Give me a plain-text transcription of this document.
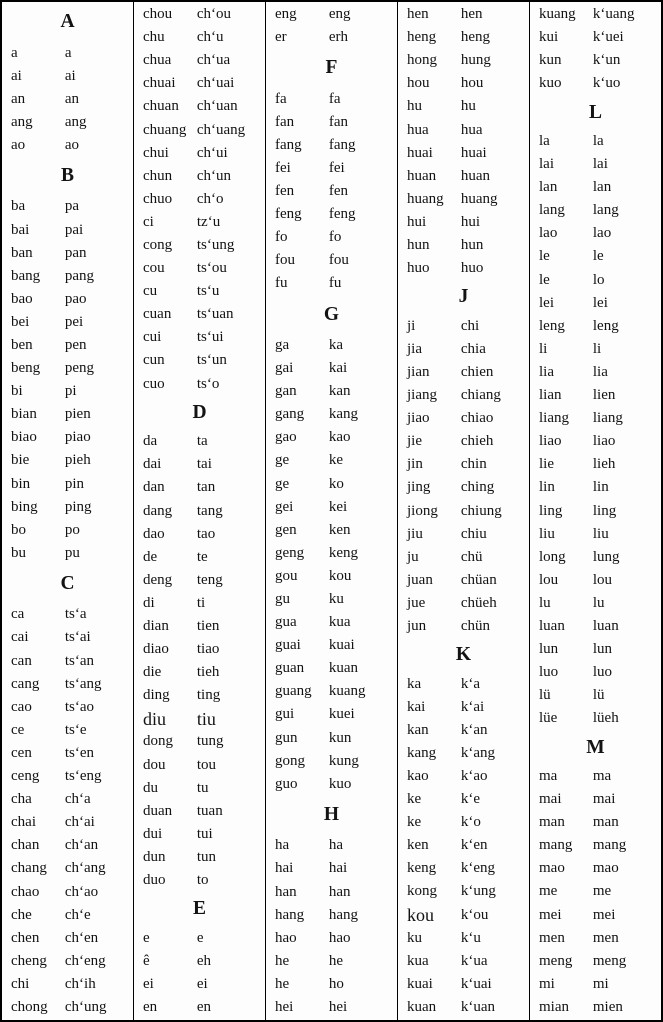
A
a	a
ai	ai
an	an
ang	ang
ao	ao
B
ba	pa
bai	pai
ban	pan
bang	pang
bao	pao
bei	pei
ben	pen
beng	peng
bi	pi
bian	pien
biao	piao
bie	pieh
bin	pin
bing	ping
bo	po
bu	pu
C
ca	ts‘a
cai	ts‘ai
can	ts‘an
cang	ts‘ang
cao	ts‘ao
ce	ts‘e
cen	ts‘en
ceng	ts‘eng
cha	ch‘a
chai	ch‘ai
chan	ch‘an
chang	ch‘ang
chao	ch‘ao
che	ch‘e
chen	ch‘en
cheng	ch‘eng
chi	ch‘ih
chong	ch‘ung
chou	ch‘ou
chu	ch‘u
chua	ch‘ua
chuai	ch‘uai
chuan	ch‘uan
chuang ch‘uang
chui	ch‘ui
chun	ch‘un
chuo	ch‘o
ci	tz‘u
cong	ts‘ung
cou	ts‘ou
cu	ts‘u
cuan	ts‘uan
cui	ts‘ui
cun	ts‘un
cuo	ts‘o
D
da	ta
dai	tai
dan	tan
dang	tang
dao	tao
de	te
deng	teng
di	ti
dian	tien
diao	tiao
die	tieh
ding	ting
diu	tiu
dong	tung
dou	tou
du	tu
duan	tuan
dui	tui
dun	tun
duo	to
E
e	e
ê	eh
ei	ei
en	en
eng	eng
er	erh
F
fa	fa
fan	fan
fang	fang
fei	fei
fen	fen
feng	feng
fo	fo
fou	fou
fu	fu
G
ga	ka
gai	kai
gan	kan
gang	kang
gao	kao
ge	ke
ge	ko
gei	kei
gen	ken
geng	keng
gou	kou
gu	ku
gua	kua
guai	kuai
guan	kuan
guang	kuang
gui	kuei
gun	kun
gong	kung
guo	kuo
H
ha	ha
hai	hai
han	han
hang	hang
hao	hao
he	he
he	ho
hei	hei
hen	hen
heng	heng
hong	hung
hou	hou
hu	hu
hua	hua
huai	huai
huan	huan
huang	huang
hui	hui
hun	hun
huo	huo
J
ji	chi
jia	chia
jian	chien
jiang	chiang
jiao	chiao
jie	chieh
jin	chin
jing	ching
jiong	chiung
jiu	chiu
ju	chü
juan	chüan
jue	chüeh
jun	chün
K
ka	k‘a
kai	k‘ai
kan	k‘an
kang	k‘ang
kao	k‘ao
ke	k‘e
ke	k‘o
ken	k‘en
keng	k‘eng
kong	k‘ung
kou	k‘ou
ku	k‘u
kua	k‘ua
kuai	k‘uai
kuan	k‘uan
kuang	k‘uang
kui	k‘uei
kun	k‘un
kuo	k‘uo
L
la	la
lai	lai
lan	lan
lang	lang
lao	lao
le	le
le	lo
lei	lei
leng	leng
li	li
lia	lia
lian	lien
liang	liang
liao	liao
lie	lieh
lin	lin
ling	ling
liu	liu
long	lung
lou	lou
lu	lu
luan	luan
lun	lun
luo	luo
lü	lü
lüe	lüeh
M
ma	ma
mai	mai
man	man
mang	mang
mao	mao
me	me
mei	mei
men	men
meng	meng
mi	mi
mian	mien
